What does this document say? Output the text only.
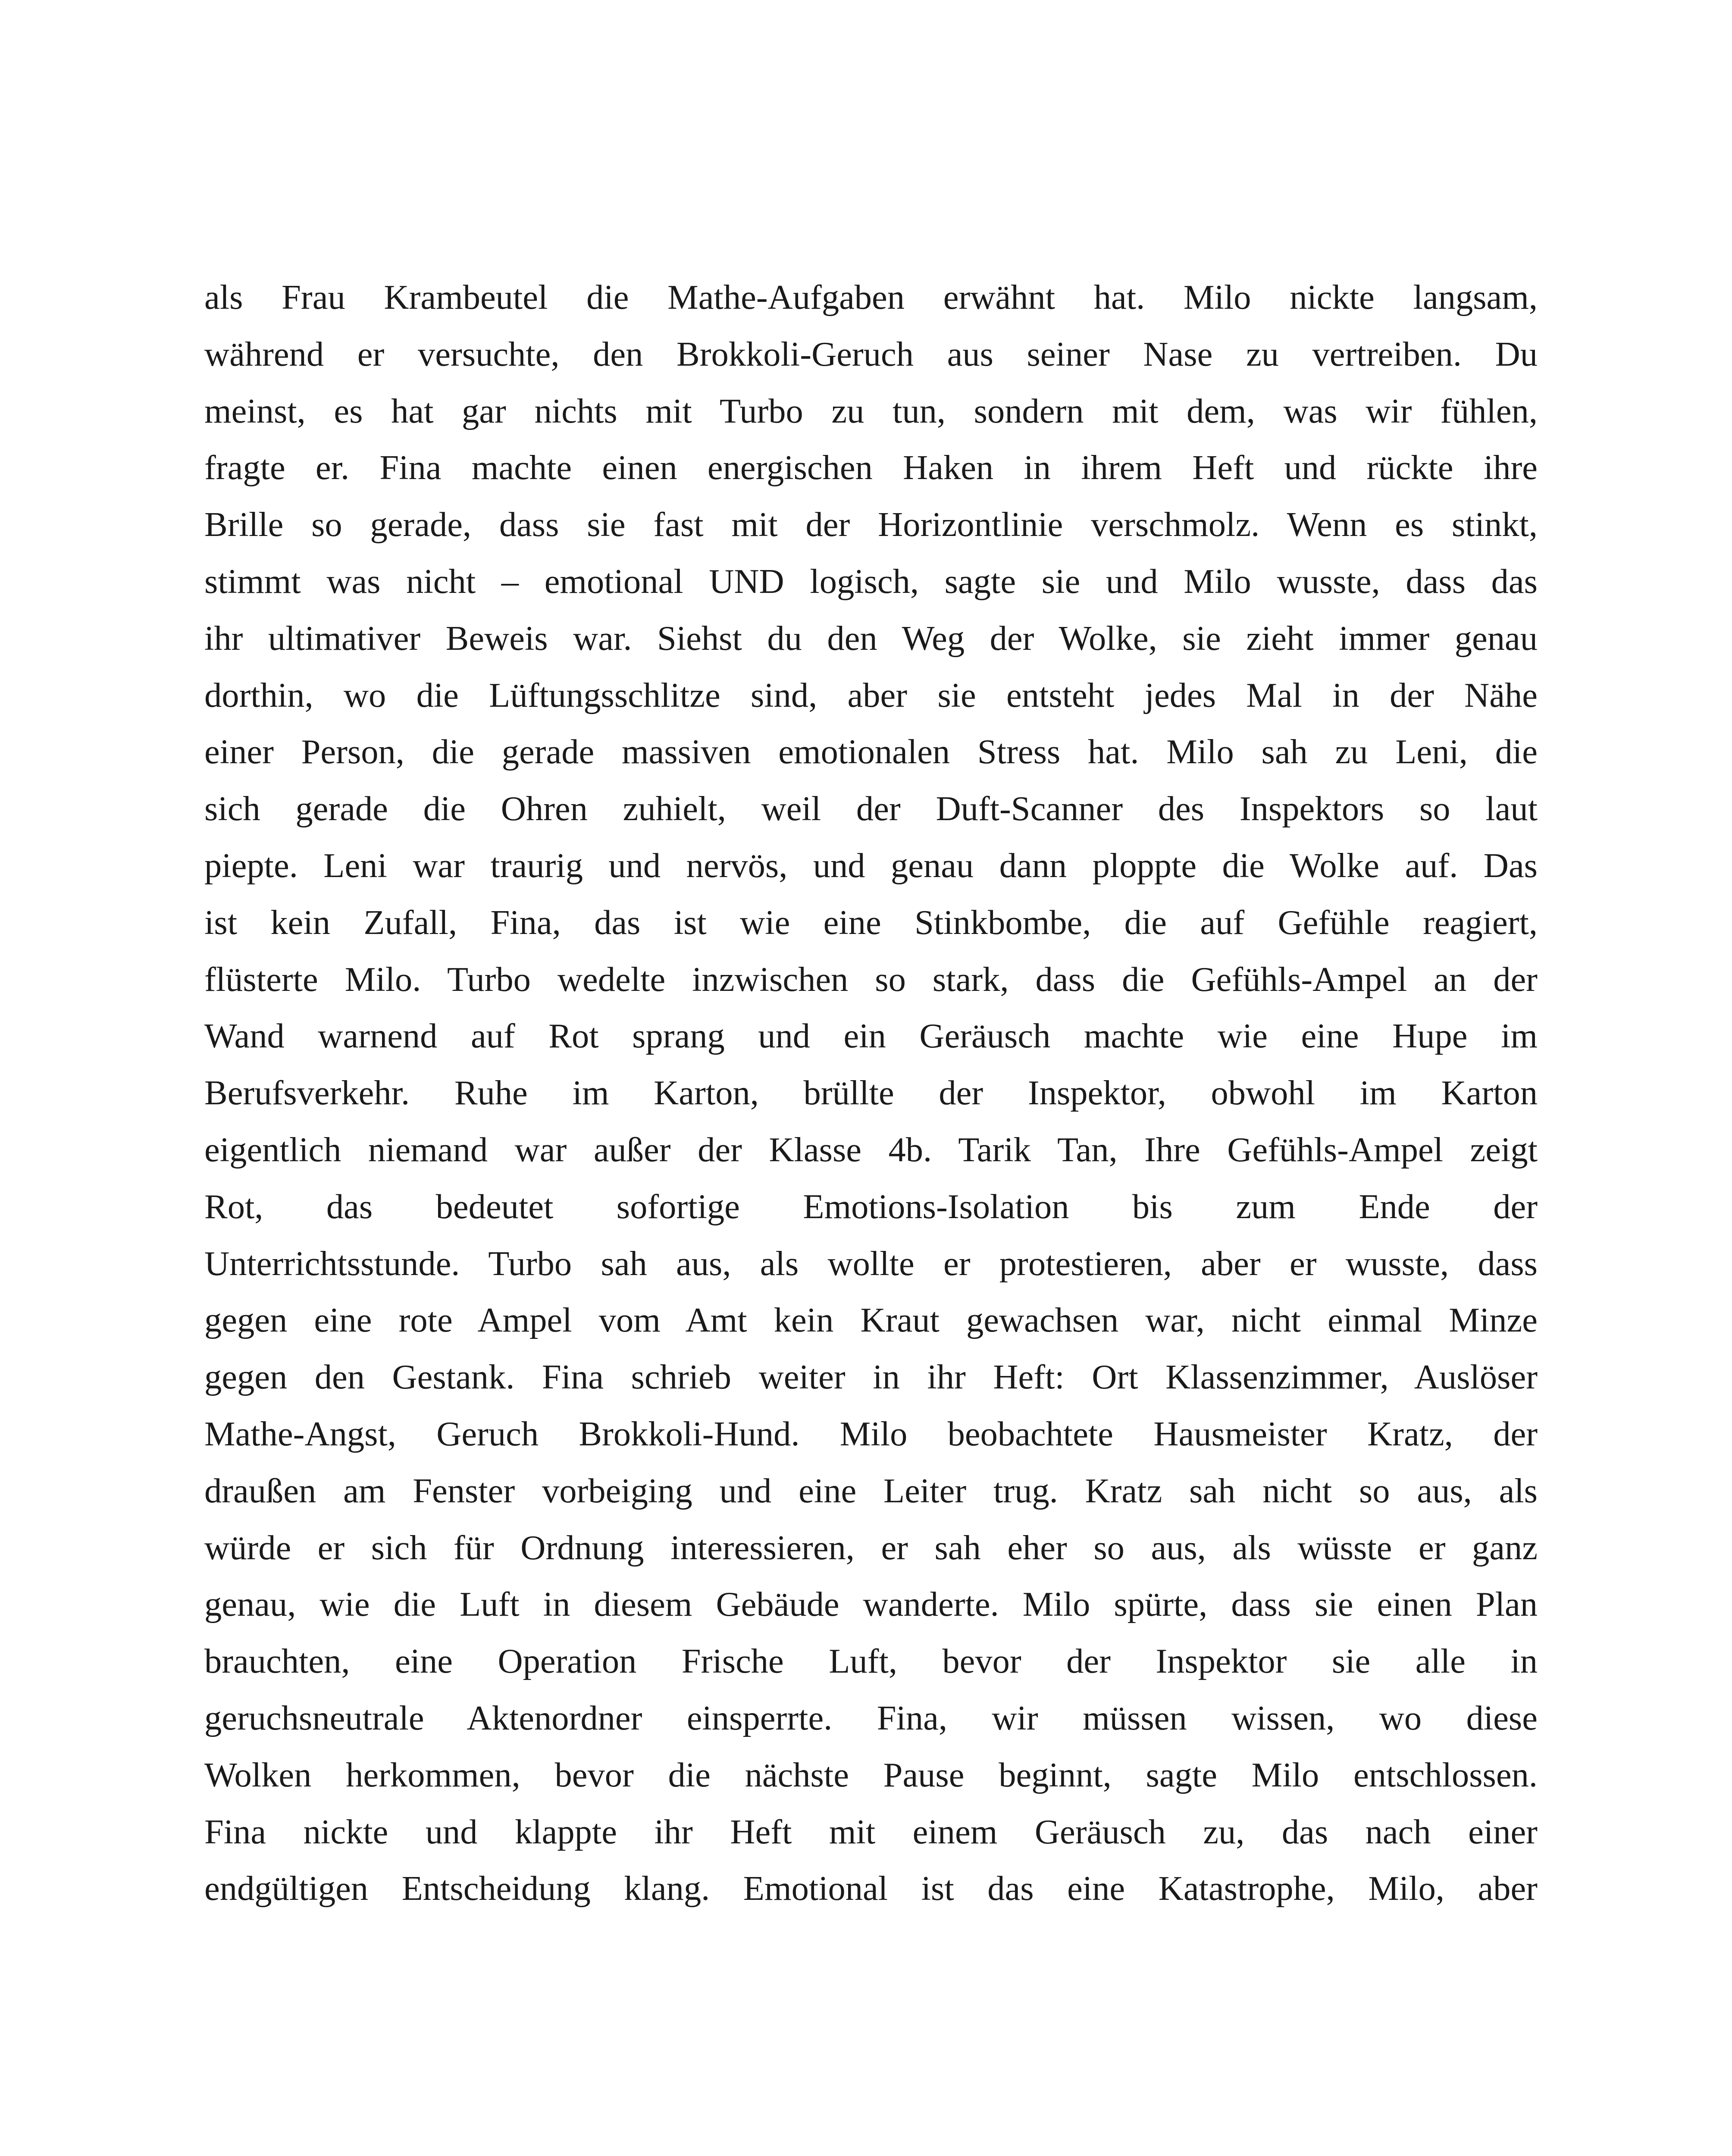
als Frau Krambeutel die Mathe-Aufgaben erwähnt hat. Milo nickte langsam,
während er versuchte, den Brokkoli-Geruch aus seiner Nase zu vertreiben. Du
meinst, es hat gar nichts mit Turbo zu tun, sondern mit dem, was wir fühlen,
fragte er. Fina machte einen energischen Haken in ihrem Heft und rückte ihre
Brille so gerade, dass sie fast mit der Horizontlinie verschmolz. Wenn es stinkt,
stimmt was nicht – emotional UND logisch, sagte sie und Milo wusste, dass das
ihr ultimativer Beweis war. Siehst du den Weg der Wolke, sie zieht immer genau
dorthin, wo die Lüftungsschlitze sind, aber sie entsteht jedes Mal in der Nähe
einer Person, die gerade massiven emotionalen Stress hat. Milo sah zu Leni, die
sich gerade die Ohren zuhielt, weil der Duft-Scanner des Inspektors so laut
piepte. Leni war traurig und nervös, und genau dann ploppte die Wolke auf. Das
ist kein Zufall, Fina, das ist wie eine Stinkbombe, die auf Gefühle reagiert,
flüsterte Milo. Turbo wedelte inzwischen so stark, dass die Gefühls-Ampel an der
Wand warnend auf Rot sprang und ein Geräusch machte wie eine Hupe im
Berufsverkehr. Ruhe im Karton, brüllte der Inspektor, obwohl im Karton
eigentlich niemand war außer der Klasse 4b. Tarik Tan, Ihre Gefühls-Ampel zeigt
Rot, das bedeutet sofortige Emotions-Isolation bis zum Ende der
Unterrichtsstunde. Turbo sah aus, als wollte er protestieren, aber er wusste, dass
gegen eine rote Ampel vom Amt kein Kraut gewachsen war, nicht einmal Minze
gegen den Gestank. Fina schrieb weiter in ihr Heft: Ort Klassenzimmer, Auslöser
Mathe-Angst, Geruch Brokkoli-Hund. Milo beobachtete Hausmeister Kratz, der
draußen am Fenster vorbeiging und eine Leiter trug. Kratz sah nicht so aus, als
würde er sich für Ordnung interessieren, er sah eher so aus, als wüsste er ganz
genau, wie die Luft in diesem Gebäude wanderte. Milo spürte, dass sie einen Plan
brauchten, eine Operation Frische Luft, bevor der Inspektor sie alle in
geruchsneutrale Aktenordner einsperrte. Fina, wir müssen wissen, wo diese
Wolken herkommen, bevor die nächste Pause beginnt, sagte Milo entschlossen.
Fina nickte und klappte ihr Heft mit einem Geräusch zu, das nach einer
endgültigen Entscheidung klang. Emotional ist das eine Katastrophe, Milo, aber
